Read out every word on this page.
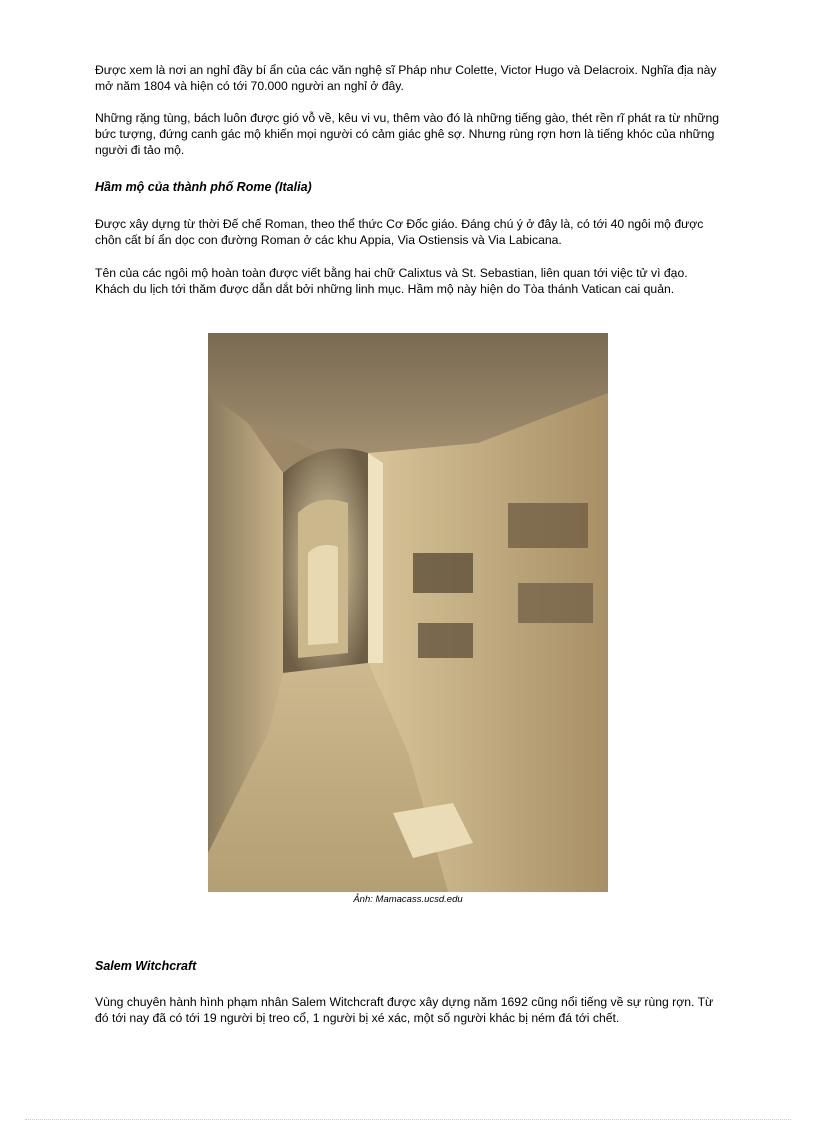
Được xem là nơi an nghỉ đầy bí ẩn của các văn nghệ sĩ Pháp như Colette, Victor Hugo và Delacroix. Nghĩa địa này mở năm 1804 và hiện có tới 70.000 người an nghỉ ở đây.

Những rặng tùng, bách luôn được gió vỗ về, kêu vi vu, thêm vào đó là những tiếng gào, thét rền rĩ phát ra từ những bức tượng, đứng canh gác mộ khiến mọi người có cảm giác ghê sợ. Nhưng rùng rợn hơn là tiếng khóc của những người đi tảo mộ.

Hầm mộ của thành phố Rome (Italia)

Được xây dựng từ thời Đế chế Roman, theo thể thức Cơ Đốc giáo. Đáng chú ý ở đây là, có tới 40 ngôi mộ được chôn cất bí ẩn dọc con đường Roman ở các khu Appia, Via Ostiensis và Via Labicana.

Tên của các ngôi mộ hoàn toàn được viết bằng hai chữ Calixtus và St. Sebastian, liên quan tới việc tử vì đạo. Khách du lịch tới thăm được dẫn dắt bởi những linh mục. Hầm mộ này hiện do Tòa thánh Vatican cai quản.

Ảnh: Mamacass.ucsd.edu

Salem Witchcraft

Vùng chuyên hành hình phạm nhân Salem Witchcraft được xây dựng năm 1692 cũng nổi tiếng về sự rùng rợn. Từ đó tới nay đã có tới 19 người bị treo cổ, 1 người bị xé xác, một số người khác bị ném đá tới chết.
